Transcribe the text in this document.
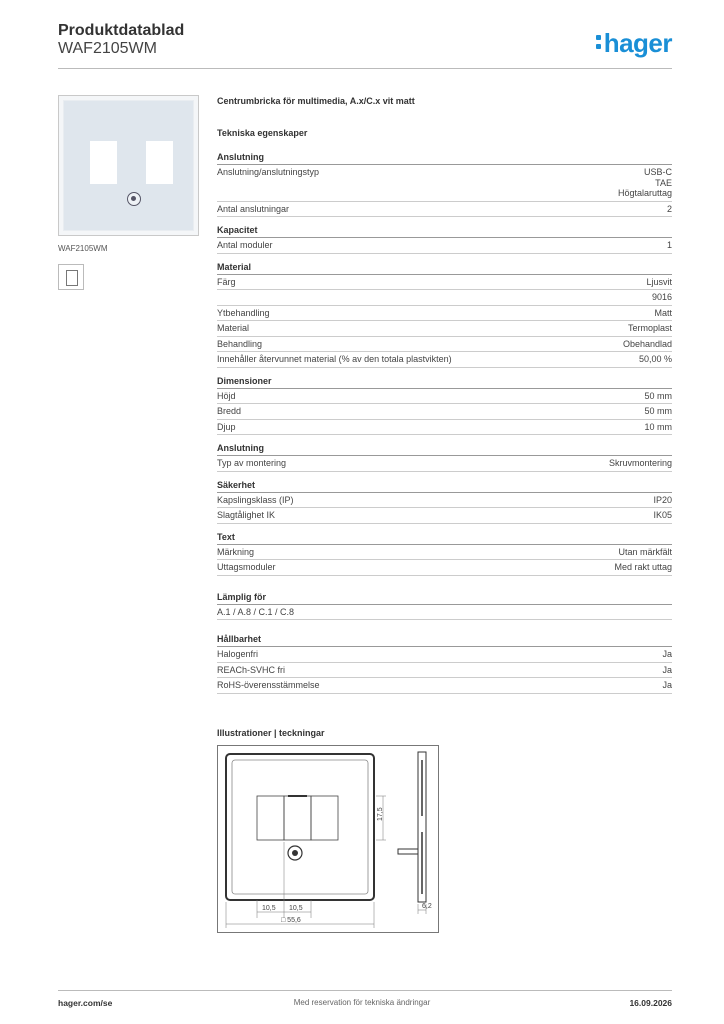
Produktdatablad
WAF2105WM	hager
WAF2105WM
Centrumbricka för multimedia, A.x/C.x vit matt
Tekniska egenskaper
Anslutning
Anslutning/anslutningstyp	USB-C
TAE
Högtalaruttag
Antal anslutningar	2
Kapacitet
Antal moduler	1
Material
Färg	Ljusvit
9016
Ytbehandling	Matt
Material	Termoplast
Behandling	Obehandlad
Innehåller återvunnet material (% av den totala plastvikten)	50,00 %
Dimensioner
Höjd	50 mm
Bredd	50 mm
Djup	10 mm
Anslutning
Typ av montering	Skruvmontering
Säkerhet
Kapslingsklass (IP)	IP20
Slagtålighet IK	IK05
Text
Märkning	Utan märkfält
Uttagsmoduler	Med rakt uttag
Lämplig för
A.1 / A.8 / C.1 / C.8
Hållbarhet
Halogenfri	Ja
REACh-SVHC fri	Ja
RoHS-överensstämmelse	Ja
Illustrationer | teckningar
17,5
10,5 10,5
□ 55,6
6,2
hager.com/se	Med reservation för tekniska ändringar	16.09.2026
